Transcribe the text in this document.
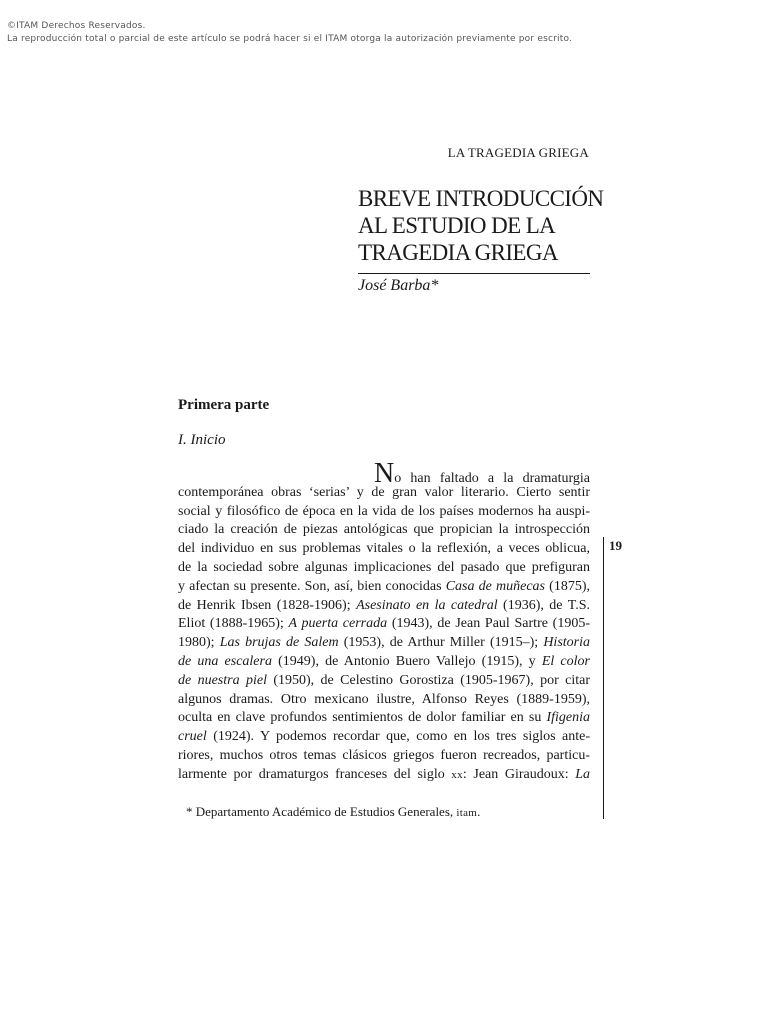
©ITAM Derechos Reservados.
La reproducción total o parcial de este artículo se podrá hacer si el ITAM otorga la autorización previamente por escrito.
LA TRAGEDIA GRIEGA
BREVE INTRODUCCIÓN
AL ESTUDIO DE LA
TRAGEDIA GRIEGA
José Barba*
Primera parte
I. Inicio
No han faltado a la dramaturgia
contemporánea obras ‘serias’ y de gran valor literario. Cierto sentir
social y filosófico de época en la vida de los países modernos ha auspi-
ciado la creación de piezas antológicas que propician la introspección
del individuo en sus problemas vitales o la reflexión, a veces oblicua,
de la sociedad sobre algunas implicaciones del pasado que prefiguran
y afectan su presente. Son, así, bien conocidas Casa de muñecas (1875),
de Henrik Ibsen (1828-1906); Asesinato en la catedral (1936), de T.S.
Eliot (1888-1965); A puerta cerrada (1943), de Jean Paul Sartre (1905-
1980); Las brujas de Salem (1953), de Arthur Miller (1915–); Historia
de una escalera (1949), de Antonio Buero Vallejo (1915), y El color
de nuestra piel (1950), de Celestino Gorostiza (1905-1967), por citar
algunos dramas. Otro mexicano ilustre, Alfonso Reyes (1889-1959),
oculta en clave profundos sentimientos de dolor familiar en su Ifigenia
cruel (1924). Y podemos recordar que, como en los tres siglos ante-
riores, muchos otros temas clásicos griegos fueron recreados, particu-
larmente por dramaturgos franceses del siglo xx: Jean Giraudoux: La
* Departamento Académico de Estudios Generales, itam.
19
